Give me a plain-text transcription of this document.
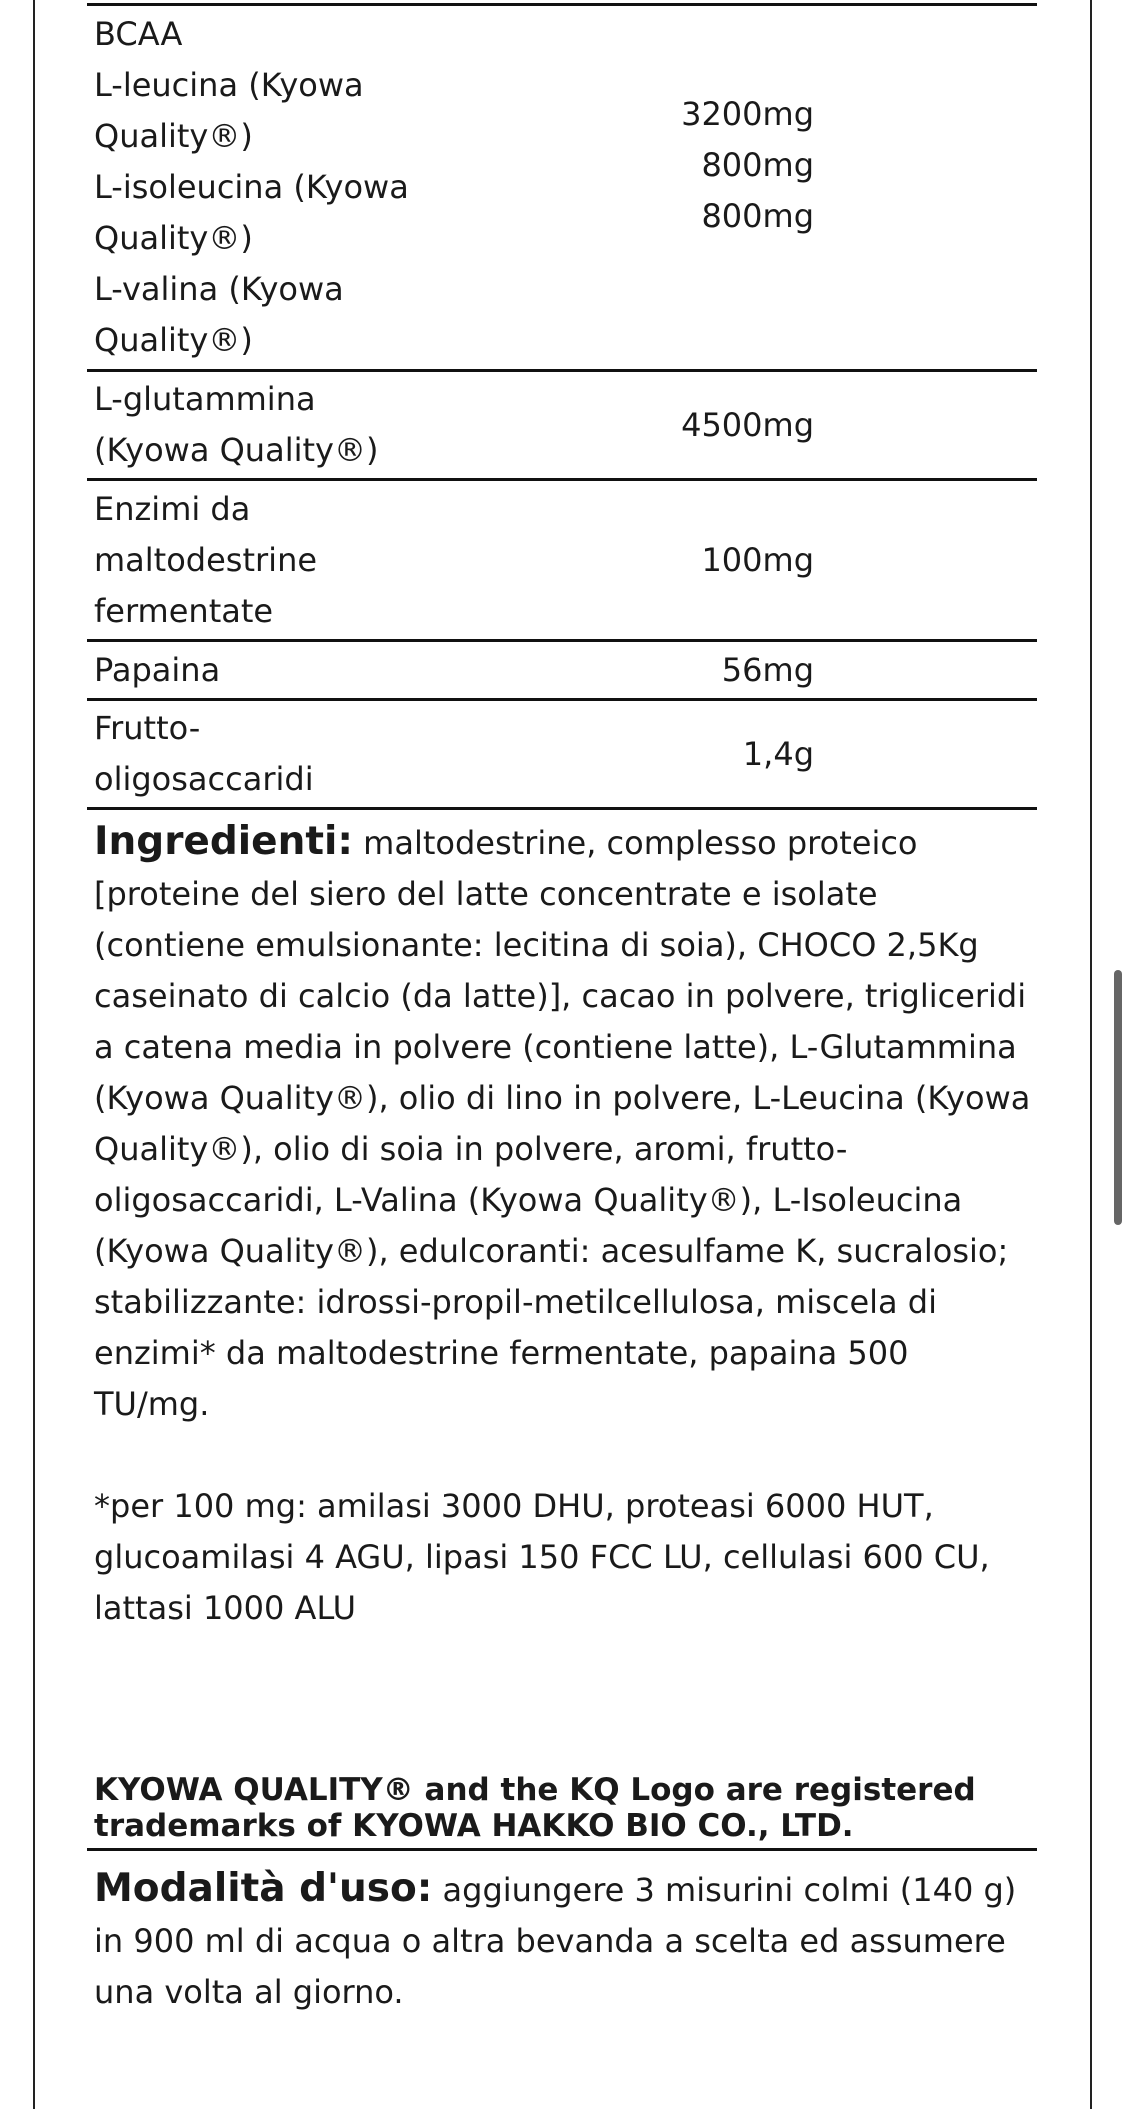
BCAA
L-leucina (Kyowa
Quality®)
L-isoleucina (Kyowa
Quality®)
L-valina (Kyowa
Quality®)
3200mg
800mg
800mg
L-glutammina
(Kyowa Quality®)
4500mg
Enzimi da
maltodestrine
fermentate
100mg
Papaina	56mg
Frutto-
oligosaccaridi
1,4g
Ingredienti: maltodestrine, complesso proteico [proteine del siero del latte concentrate e isolate (contiene emulsionante: lecitina di soia), CHOCO 2,5Kg caseinato di calcio (da latte)], cacao in polvere, trigliceridi a catena media in polvere (contiene latte), L-Glutammina (Kyowa Quality®), olio di lino in polvere, L-Leucina (Kyowa Quality®), olio di soia in polvere, aromi, frutto-oligosaccaridi, L-Valina (Kyowa Quality®), L-Isoleucina (Kyowa Quality®), edulcoranti: acesulfame K, sucralosio; stabilizzante: idrossi-propil-metilcellulosa, miscela di enzimi* da maltodestrine fermentate, papaina 500 TU/mg.
*per 100 mg: amilasi 3000 DHU, proteasi 6000 HUT, glucoamilasi 4 AGU, lipasi 150 FCC LU, cellulasi 600 CU, lattasi 1000 ALU
KYOWA QUALITY® and the KQ Logo are registered trademarks of KYOWA HAKKO BIO CO., LTD.
Modalità d'uso: aggiungere 3 misurini colmi (140 g) in 900 ml di acqua o altra bevanda a scelta ed assumere una volta al giorno.
